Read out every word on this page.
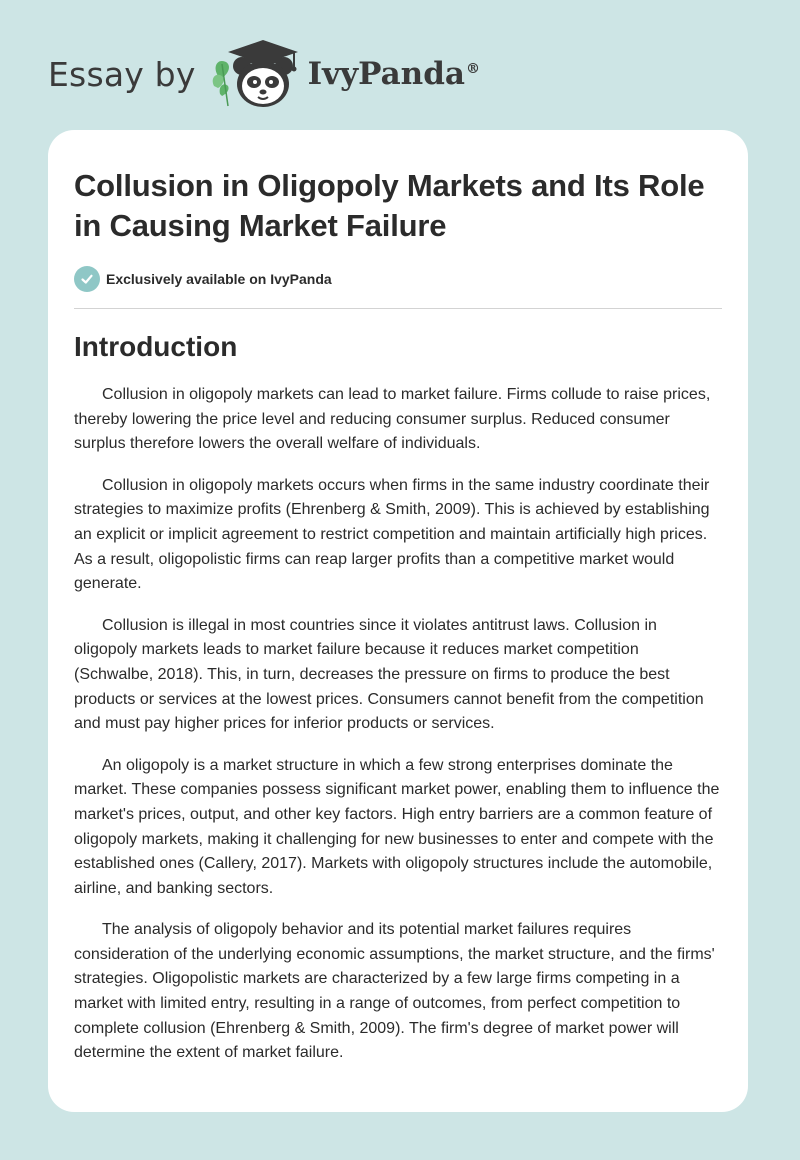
Essay by	IvyPanda®
Collusion in Oligopoly Markets and Its Role in Causing Market Failure
Exclusively available on IvyPanda
Introduction

Collusion in oligopoly markets can lead to market failure. Firms collude to raise prices, thereby lowering the price level and reducing consumer surplus. Reduced consumer surplus therefore lowers the overall welfare of individuals.

Collusion in oligopoly markets occurs when firms in the same industry coordinate their strategies to maximize profits (Ehrenberg & Smith, 2009). This is achieved by establishing an explicit or implicit agreement to restrict competition and maintain artificially high prices. As a result, oligopolistic firms can reap larger profits than a competitive market would generate.

Collusion is illegal in most countries since it violates antitrust laws. Collusion in oligopoly markets leads to market failure because it reduces market competition (Schwalbe, 2018). This, in turn, decreases the pressure on firms to produce the best products or services at the lowest prices. Consumers cannot benefit from the competition and must pay higher prices for inferior products or services.

An oligopoly is a market structure in which a few strong enterprises dominate the market. These companies possess significant market power, enabling them to influence the market's prices, output, and other key factors. High entry barriers are a common feature of oligopoly markets, making it challenging for new businesses to enter and compete with the established ones (Callery, 2017). Markets with oligopoly structures include the automobile, airline, and banking sectors.

The analysis of oligopoly behavior and its potential market failures requires consideration of the underlying economic assumptions, the market structure, and the firms' strategies. Oligopolistic markets are characterized by a few large firms competing in a market with limited entry, resulting in a range of outcomes, from perfect competition to complete collusion (Ehrenberg & Smith, 2009). The firm's degree of market power will determine the extent of market failure.
